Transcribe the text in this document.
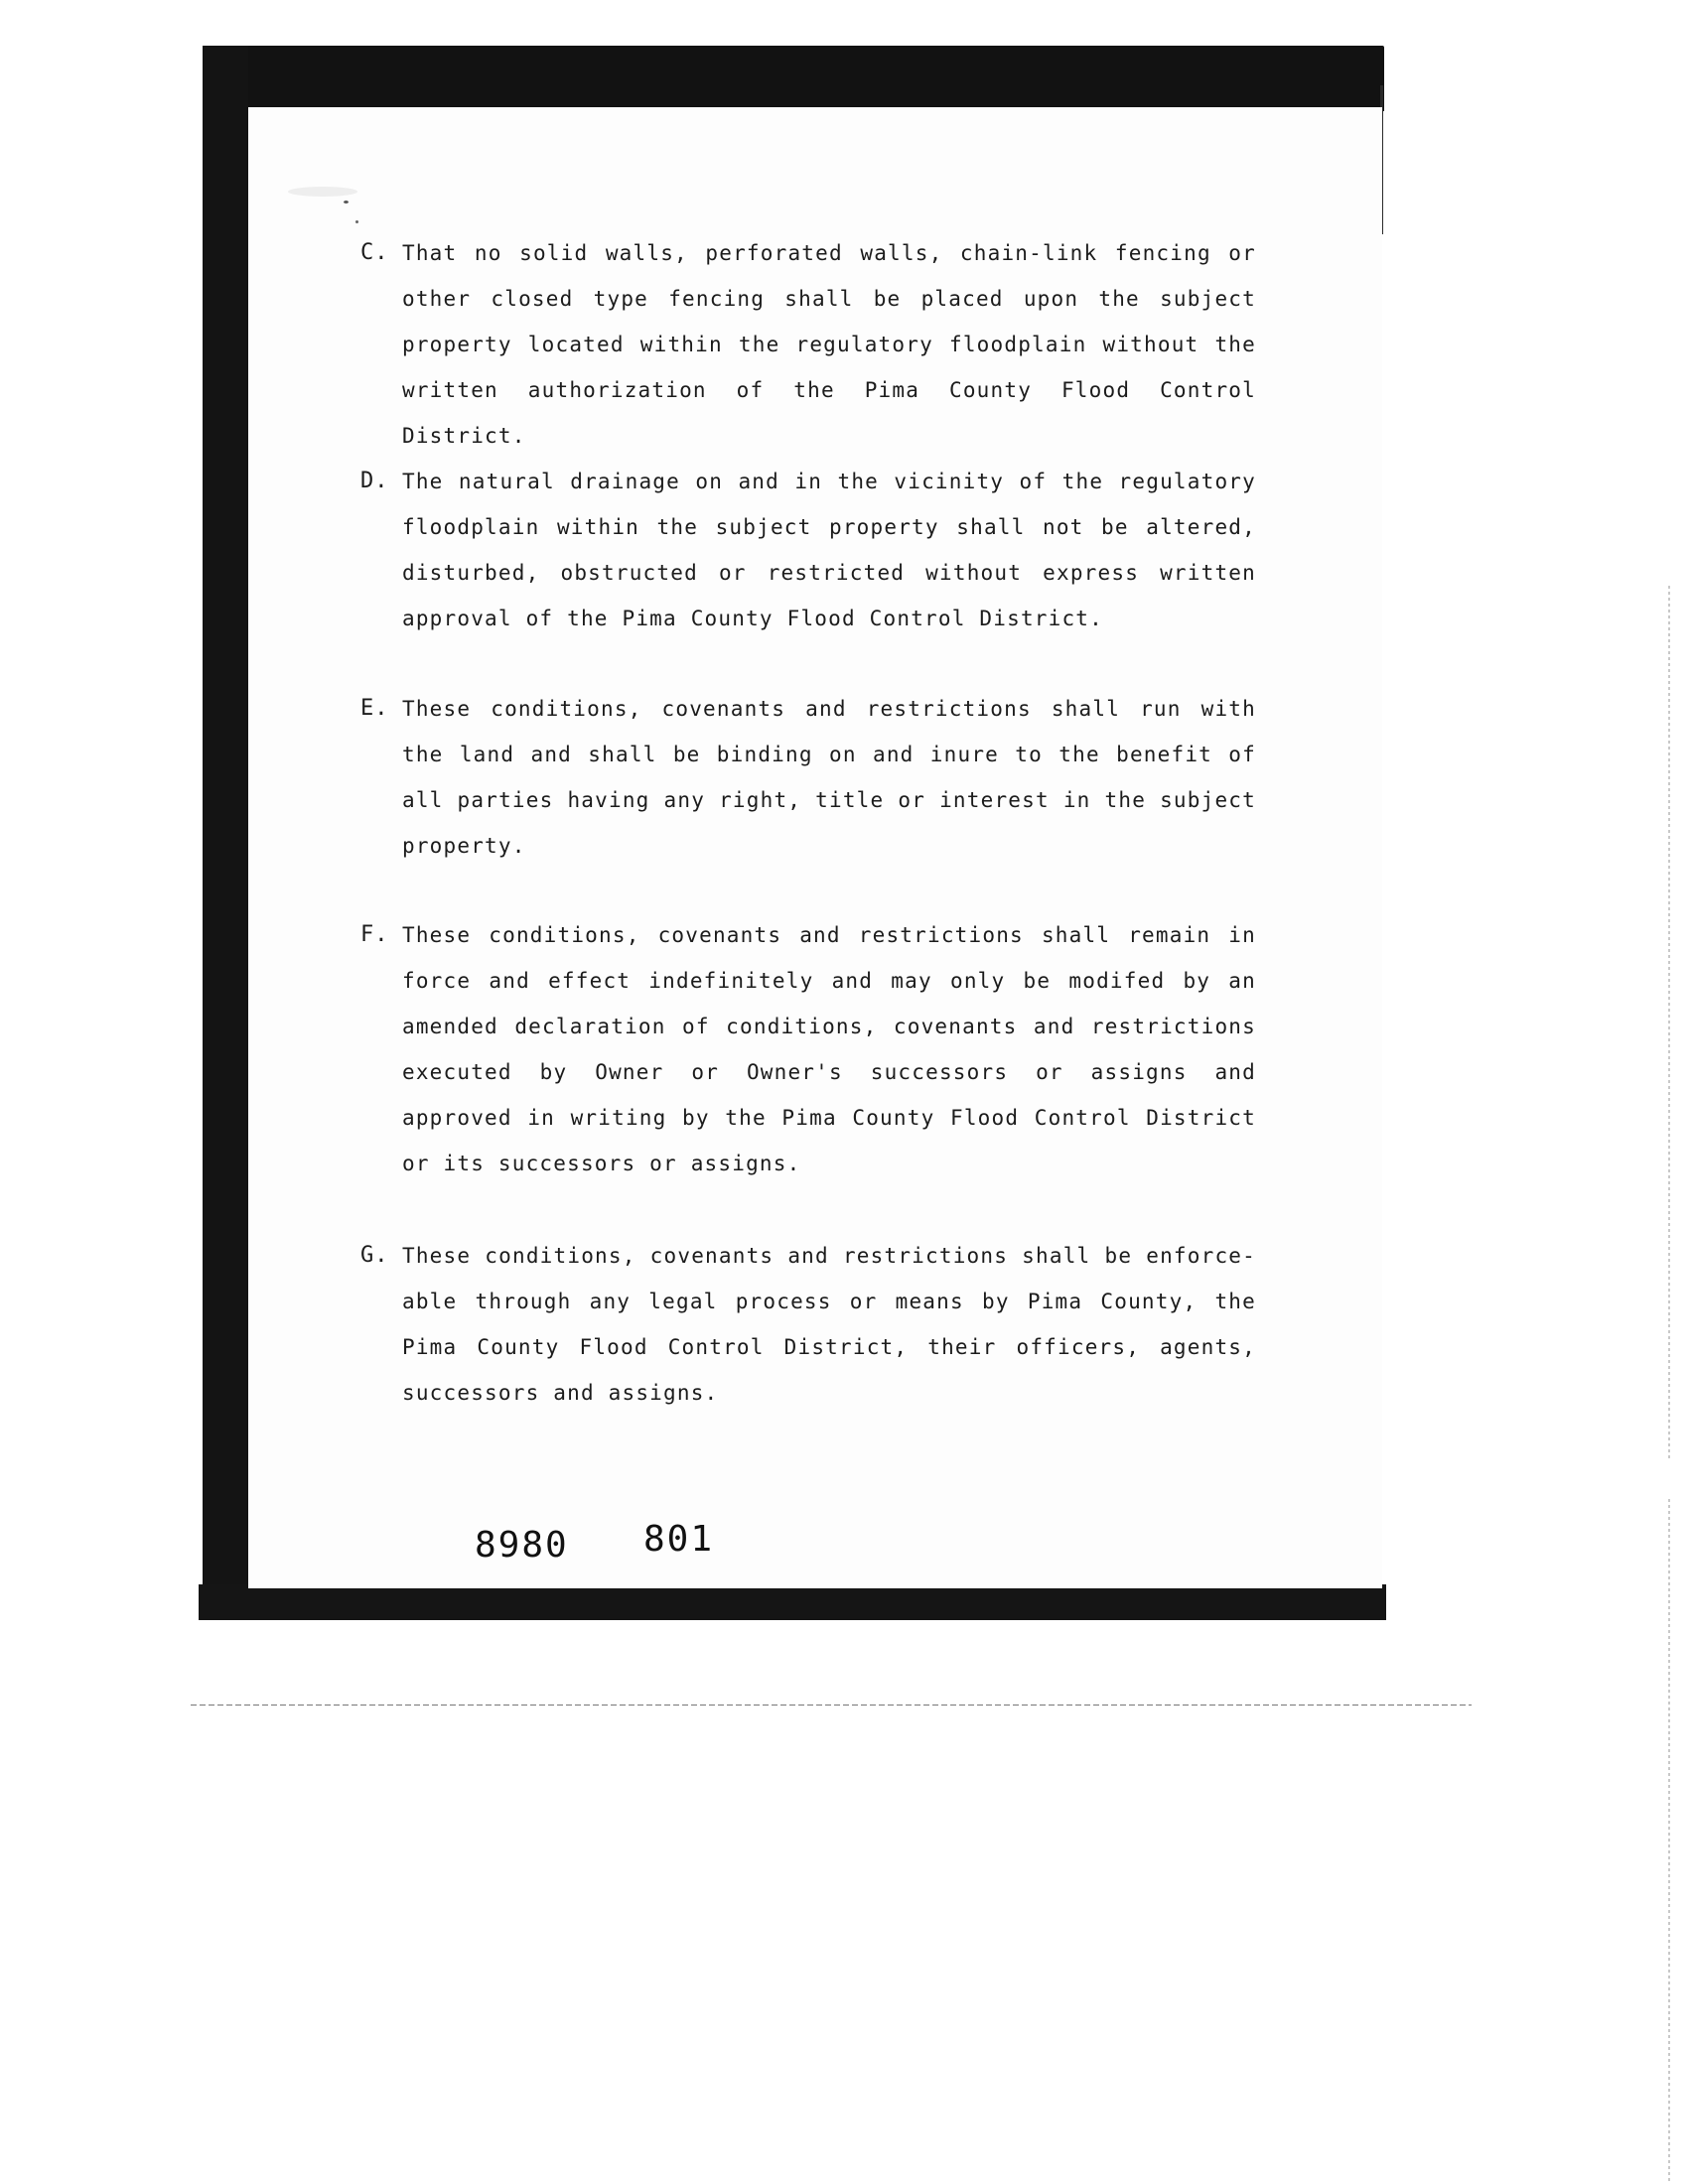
C. That no solid walls, perforated walls, chain-link fencing or other closed type fencing shall be placed upon the subject property located within the regulatory floodplain without the written authorization of the Pima County Flood Control District.
D. The natural drainage on and in the vicinity of the regulatory floodplain within the subject property shall not be altered, disturbed, obstructed or restricted without express written approval of the Pima County Flood Control District.
E. These conditions, covenants and restrictions shall run with the land and shall be binding on and inure to the benefit of all parties having any right, title or interest in the subject property.
F. These conditions, covenants and restrictions shall remain in force and effect indefinitely and may only be modifed by an amended declaration of conditions, covenants and restrictions executed by Owner or Owner's successors or assigns and approved in writing by the Pima County Flood Control District or its successors or assigns.
G. These conditions, covenants and restrictions shall be enforce-able through any legal process or means by Pima County, the Pima County Flood Control District, their officers, agents, successors and assigns.
8980 801
